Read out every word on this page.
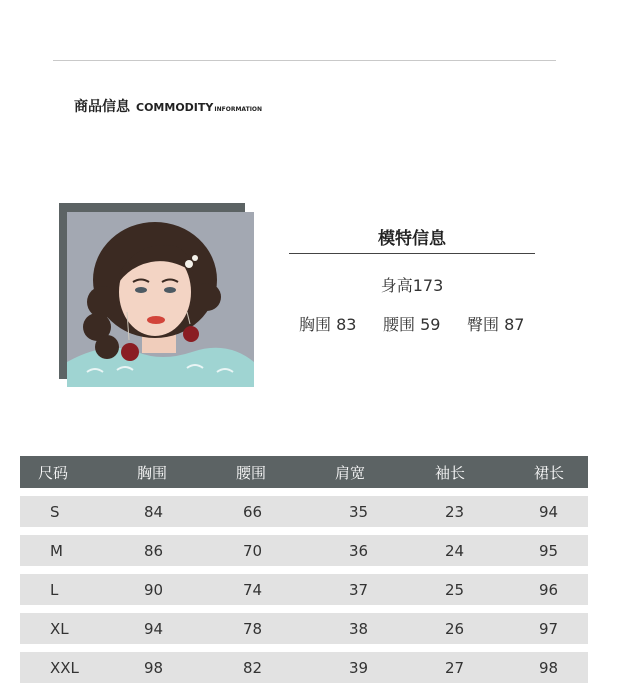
商品信息 COMMODITY INFORMATION
模特信息
身高173
胸围 83 腰围 59 臀围 87
尺码	胸围	腰围	肩宽	袖长	裙长
S	84	66	35	23	94
M	86	70	36	24	95
L	90	74	37	25	96
XL	94	78	38	26	97
XXL	98	82	39	27	98
